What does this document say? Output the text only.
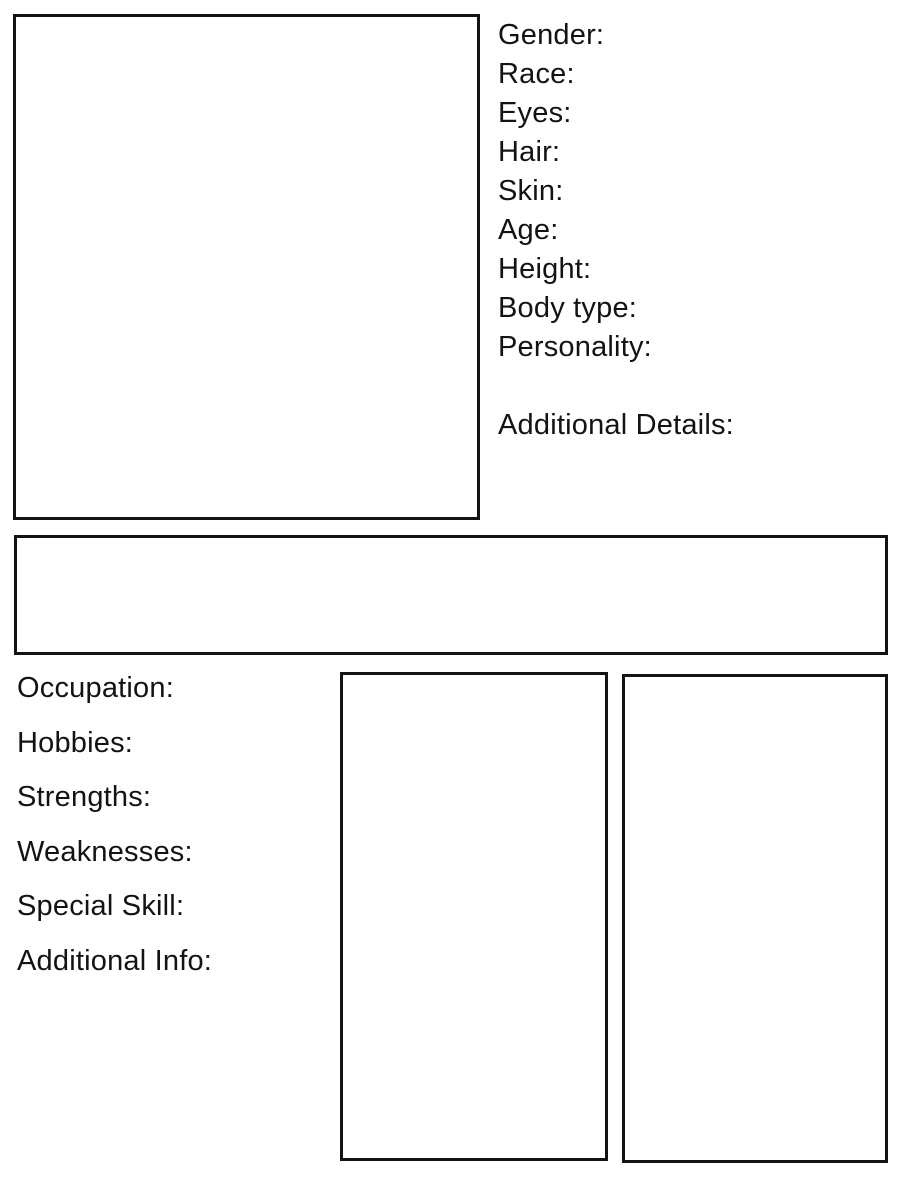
Gender:
Race:
Eyes:
Hair:
Skin:
Age:
Height:
Body type:
Personality:
Additional Details:
Occupation:
Hobbies:
Strengths:
Weaknesses:
Special Skill:
Additional Info:
